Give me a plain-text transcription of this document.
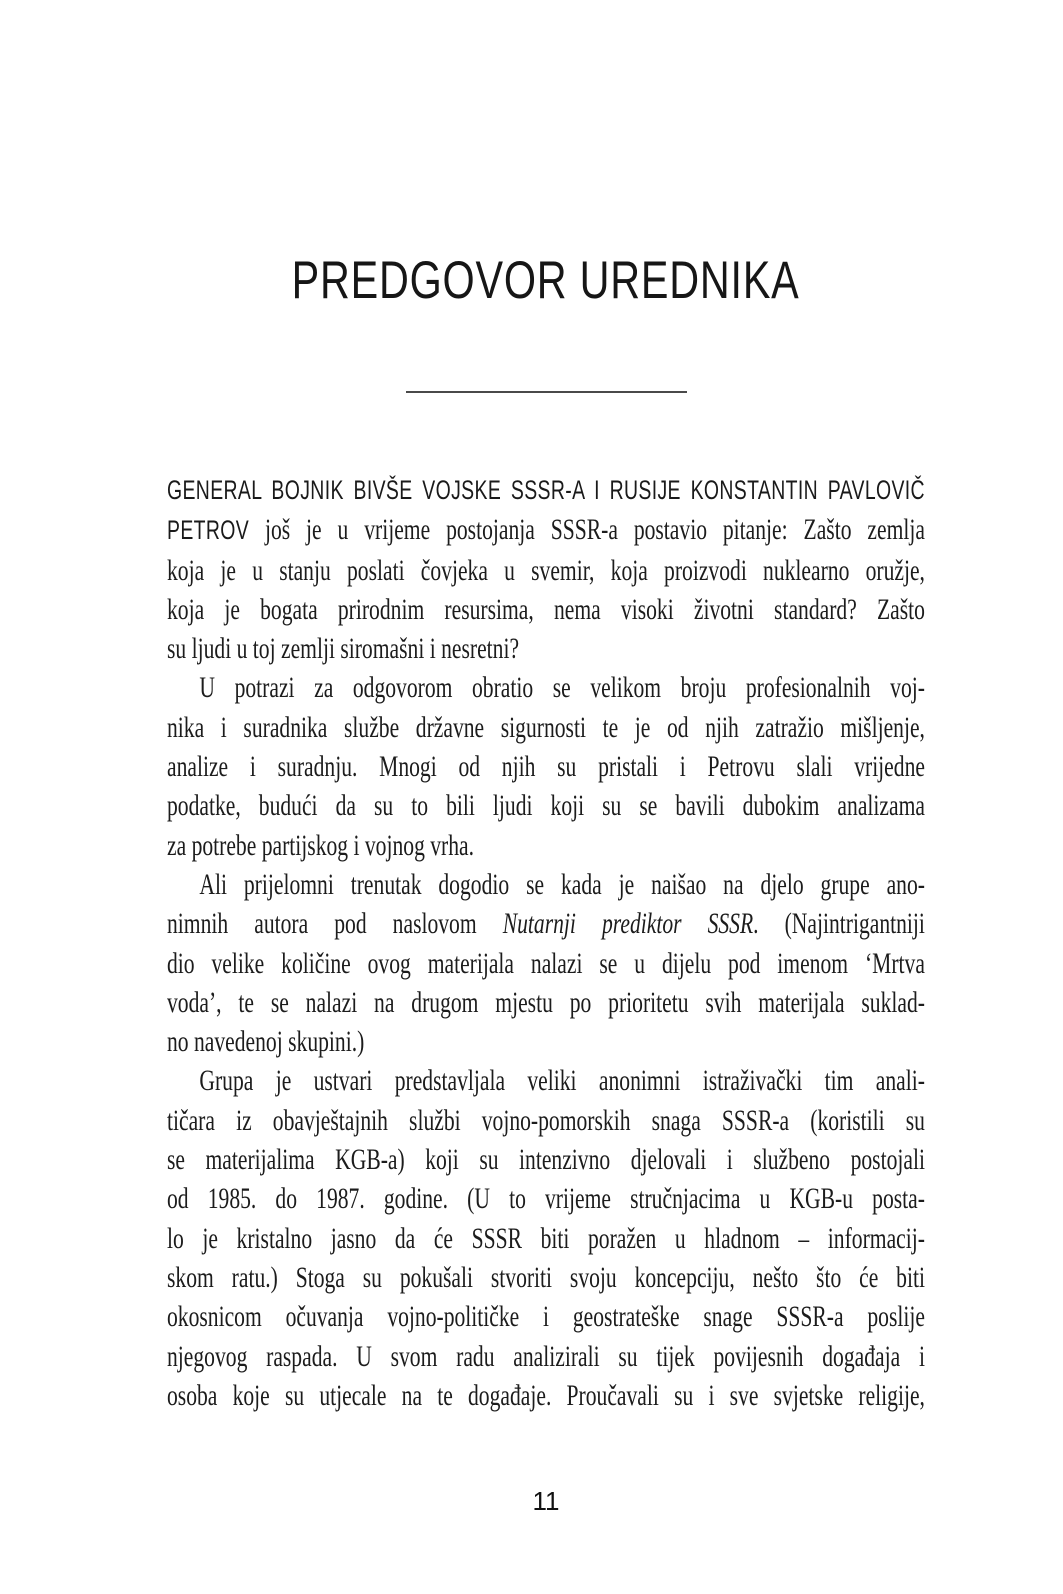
PREDGOVOR UREDNIKA
GENERAL BOJNIK BIVŠE VOJSKE SSSR-A I RUSIJE KONSTANTIN PAVLOVIČ
PETROV još je u vrijeme postojanja SSSR-a postavio pitanje: Zašto zemlja
koja je u stanju poslati čovjeka u svemir, koja proizvodi nuklearno oružje,
koja je bogata prirodnim resursima, nema visoki životni standard? Zašto
su ljudi u toj zemlji siromašni i nesretni?
U potrazi za odgovorom obratio se velikom broju profesionalnih voj-
nika i suradnika službe državne sigurnosti te je od njih zatražio mišljenje,
analize i suradnju. Mnogi od njih su pristali i Petrovu slali vrijedne
podatke, budući da su to bili ljudi koji su se bavili dubokim analizama
za potrebe partijskog i vojnog vrha.
Ali prijelomni trenutak dogodio se kada je naišao na djelo grupe ano-
nimnih autora pod naslovom Nutarnji prediktor SSSR. (Najintrigantniji
dio velike količine ovog materijala nalazi se u dijelu pod imenom ‘Mrtva
voda’, te se nalazi na drugom mjestu po prioritetu svih materijala suklad-
no navedenoj skupini.)
Grupa je ustvari predstavljala veliki anonimni istraživački tim anali-
tičara iz obavještajnih službi vojno-pomorskih snaga SSSR-a (koristili su
se materijalima KGB-a) koji su intenzivno djelovali i službeno postojali
od 1985. do 1987. godine. (U to vrijeme stručnjacima u KGB-u posta-
lo je kristalno jasno da će SSSR biti poražen u hladnom – informacij-
skom ratu.) Stoga su pokušali stvoriti svoju koncepciju, nešto što će biti
okosnicom očuvanja vojno-političke i geostrateške snage SSSR-a poslije
njegovog raspada. U svom radu analizirali su tijek povijesnih događaja i
osoba koje su utjecale na te događaje. Proučavali su i sve svjetske religije,
11
